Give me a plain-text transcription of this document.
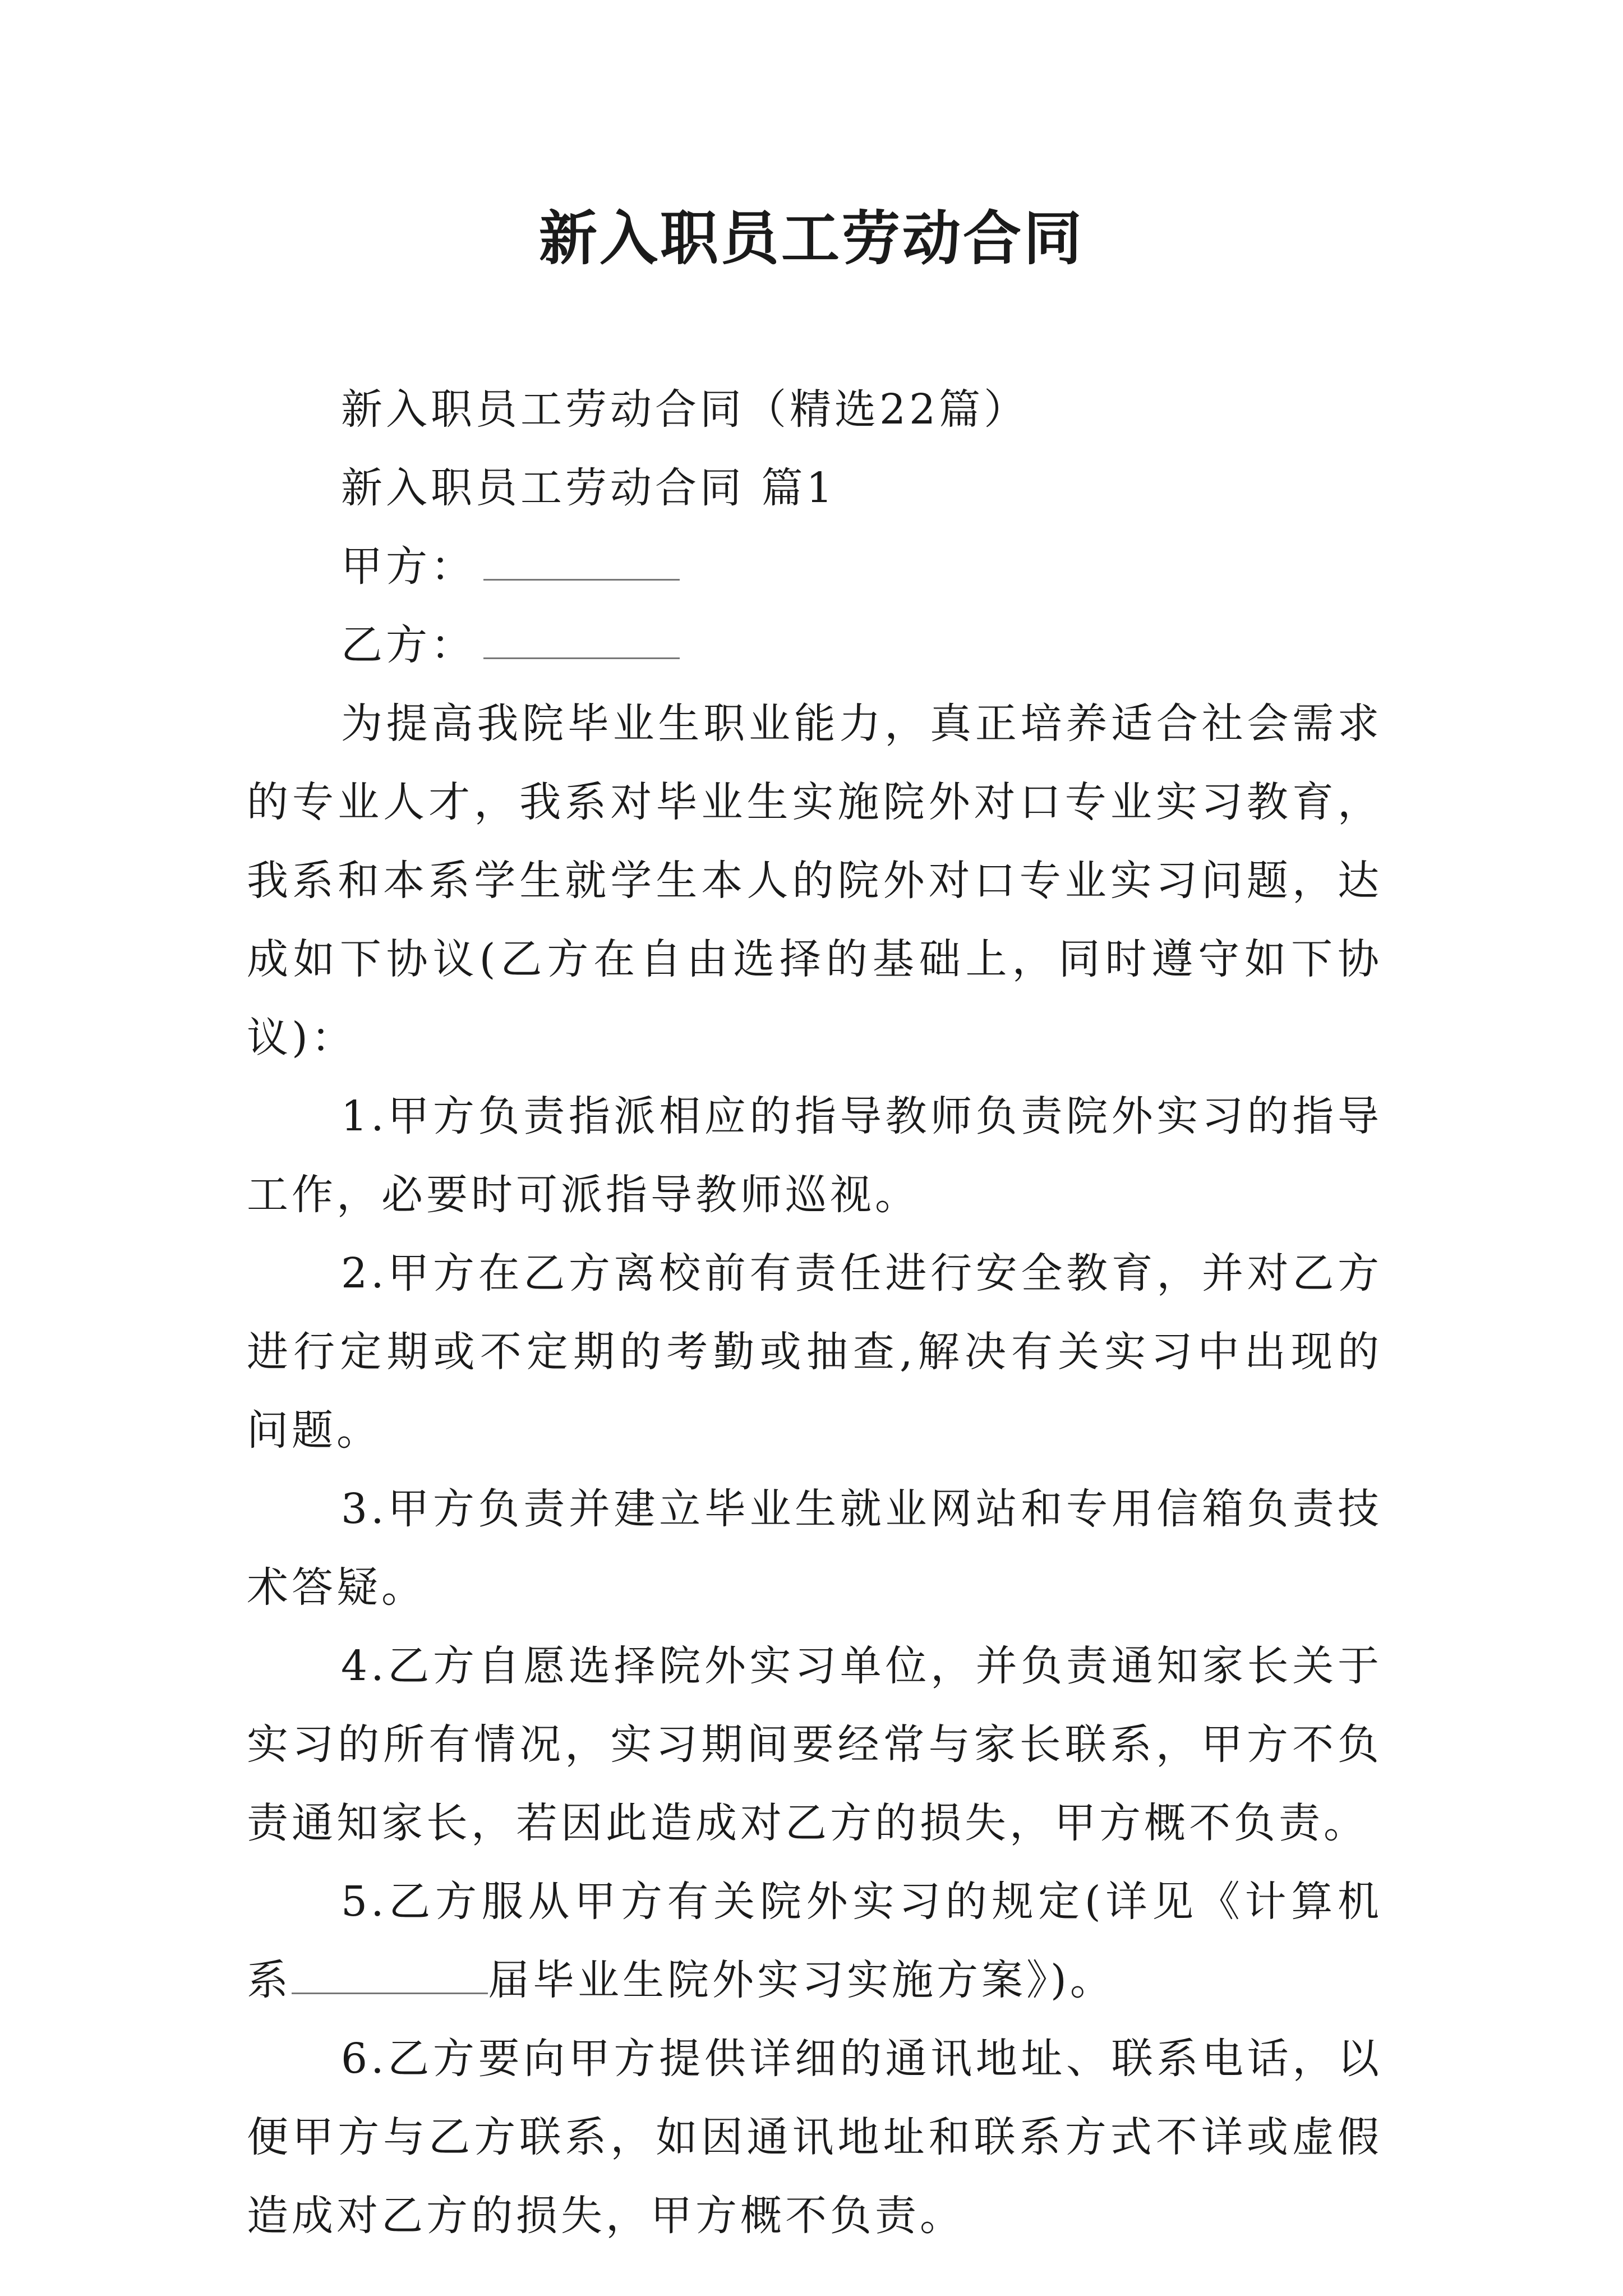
新入职员工劳动合同

新入职员工劳动合同（精选22篇）

新入职员工劳动合同 篇1

甲方：

乙方：

为提高我院毕业生职业能力，真正培养适合社会需求的专业人才，我系对毕业生实施院外对口专业实习教育，我系和本系学生就学生本人的院外对口专业实习问题，达成如下协议(乙方在自由选择的基础上，同时遵守如下协议)：

1.甲方负责指派相应的指导教师负责院外实习的指导工作，必要时可派指导教师巡视。

2.甲方在乙方离校前有责任进行安全教育，并对乙方进行定期或不定期的考勤或抽查,解决有关实习中出现的问题。

3.甲方负责并建立毕业生就业网站和专用信箱负责技术答疑。

4.乙方自愿选择院外实习单位，并负责通知家长关于实习的所有情况，实习期间要经常与家长联系，甲方不负责通知家长，若因此造成对乙方的损失，甲方概不负责。

5.乙方服从甲方有关院外实习的规定(详见《计算机系	届毕业生院外实习实施方案》)。

6.乙方要向甲方提供详细的通讯地址、联系电话，以便甲方与乙方联系，如因通讯地址和联系方式不详或虚假造成对乙方的损失，甲方概不负责。
